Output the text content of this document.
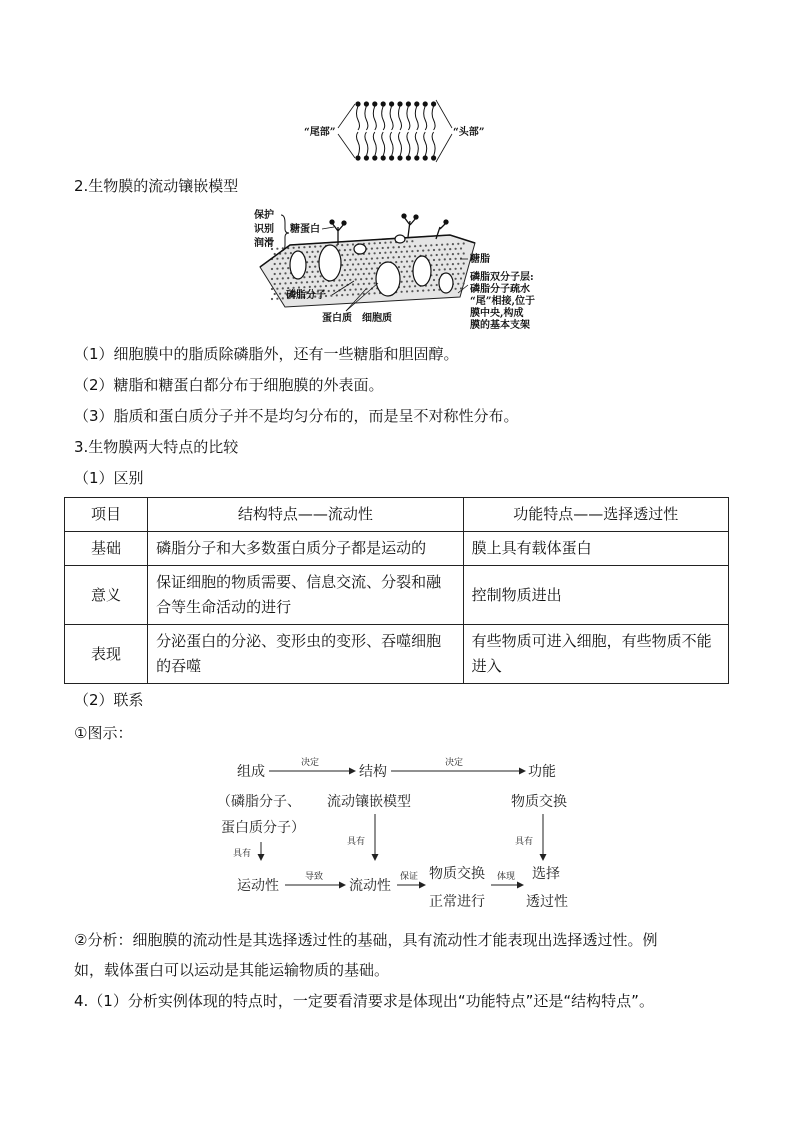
“尾部”	“头部”
2.生物膜的流动镶嵌模型
保护
识别
润滑
糖蛋白
糖脂
磷脂分子
蛋白质 细胞质
磷脂双分子层:
磷脂分子疏水
“尾”相接,位于
膜中央,构成
膜的基本支架
（1）细胞膜中的脂质除磷脂外，还有一些糖脂和胆固醇。
（2）糖脂和糖蛋白都分布于细胞膜的外表面。
（3）脂质和蛋白质分子并不是均匀分布的，而是呈不对称性分布。
3.生物膜两大特点的比较
（1）区别
项目	结构特点——流动性	功能特点——选择透过性
基础	磷脂分子和大多数蛋白质分子都是运动的	膜上具有载体蛋白
意义	保证细胞的物质需要、信息交流、分裂和融合等生命活动的进行	控制物质进出
表现	分泌蛋白的分泌、变形虫的变形、吞噬细胞的吞噬	有些物质可进入细胞，有些物质不能进入
（2）联系
①图示：
组成
决定
结构
决定
功能
（磷脂分子、 流动镶嵌模型	物质交换
蛋白质分子）
具有	具有
具有
运动性
导致
流动性
保证 物质交换
正常进行
体现 选择
透过性
②分析：细胞膜的流动性是其选择透过性的基础，具有流动性才能表现出选择透过性。例
如，载体蛋白可以运动是其能运输物质的基础。
4.（1）分析实例体现的特点时，一定要看清要求是体现出“功能特点”还是“结构特点”。
